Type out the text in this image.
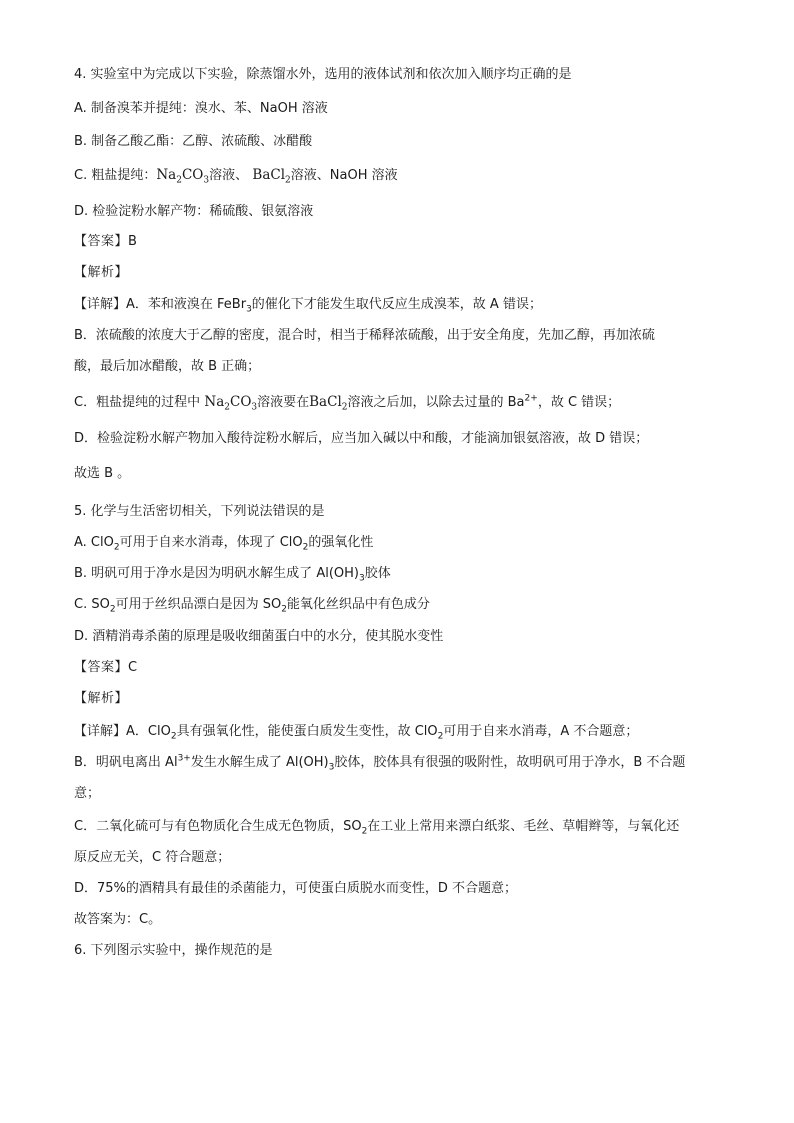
4. 实验室中为完成以下实验，除蒸馏水外，选用的液体试剂和依次加入顺序均正确的是
A. 制备溴苯并提纯：溴水、苯、NaOH 溶液
B. 制备乙酸乙酯：乙醇、浓硫酸、冰醋酸
C. 粗盐提纯：$Na_2CO_3$溶液、 BaCl$_2$溶液、NaOH 溶液
D. 检验淀粉水解产物：稀硫酸、银氨溶液
【答案】B
【解析】
【详解】A．苯和液溴在 FeBr$_3$的催化下才能发生取代反应生成溴苯，故 A 错误；
B．浓硫酸的浓度大于乙醇的密度，混合时，相当于稀释浓硫酸，出于安全角度，先加乙醇，再加浓硫
酸，最后加冰醋酸，故 B 正确；
C．粗盐提纯的过程中 $Na_2CO_3$溶液要在BaCl$_2$溶液之后加，以除去过量的 $Ba^{2+}$，故 C 错误；
D．检验淀粉水解产物加入酸待淀粉水解后，应当加入碱以中和酸，才能滴加银氨溶液，故 D 错误；
故选 B 。
5. 化学与生活密切相关，下列说法错误的是
A. ClO$_2$可用于自来水消毒，体现了 ClO$_2$的强氧化性
B. 明矾可用于净水是因为明矾水解生成了 $Al(OH)_3$胶体
C. $SO_2$可用于丝织品漂白是因为 $SO_2$能氧化丝织品中有色成分
D. 酒精消毒杀菌的原理是吸收细菌蛋白中的水分，使其脱水变性
【答案】C
【解析】
【详解】A．ClO$_2$具有强氧化性，能使蛋白质发生变性，故 ClO$_2$可用于自来水消毒，A 不合题意；
B．明矾电离出 $Al^{3+}$发生水解生成了 $Al(OH)_3$胶体，胶体具有很强的吸附性，故明矾可用于净水，B 不合题
意；
C．二氧化硫可与有色物质化合生成无色物质，$SO_2$在工业上常用来漂白纸浆、毛丝、草帽辫等，与氧化还
原反应无关，C 符合题意；
D．75%的酒精具有最佳的杀菌能力，可使蛋白质脱水而变性，D 不合题意；
故答案为：C。
6. 下列图示实验中，操作规范的是
